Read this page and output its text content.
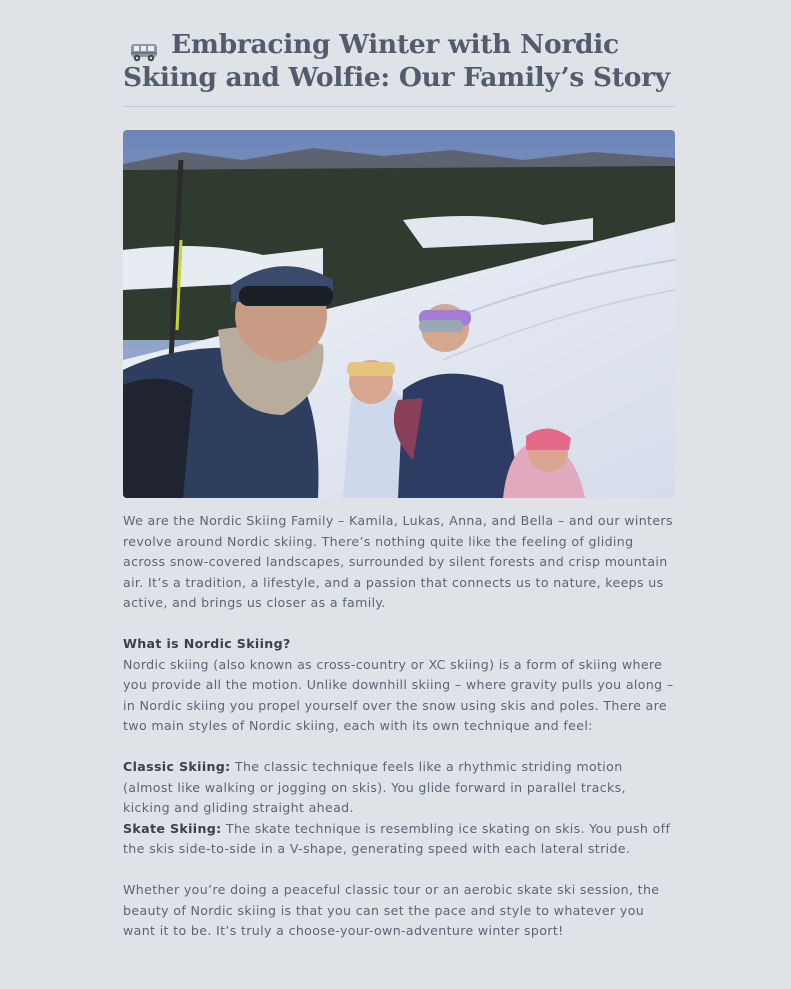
Embracing Winter with Nordic Skiing and Wolfie: Our Family’s Story

We are the Nordic Skiing Family – Kamila, Lukas, Anna, and Bella – and our winters revolve around Nordic skiing. There’s nothing quite like the feeling of gliding across snow-covered landscapes, surrounded by silent forests and crisp mountain air. It’s a tradition, a lifestyle, and a passion that connects us to nature, keeps us active, and brings us closer as a family.

What is Nordic Skiing?

Nordic skiing (also known as cross-country or XC skiing) is a form of skiing where you provide all the motion. Unlike downhill skiing – where gravity pulls you along – in Nordic skiing you propel yourself over the snow using skis and poles. There are two main styles of Nordic skiing, each with its own technique and feel:

Classic Skiing: The classic technique feels like a rhythmic striding motion (almost like walking or jogging on skis). You glide forward in parallel tracks, kicking and gliding straight ahead.

Skate Skiing: The skate technique is resembling ice skating on skis. You push off the skis side-to-side in a V-shape, generating speed with each lateral stride.

Whether you’re doing a peaceful classic tour or an aerobic skate ski session, the beauty of Nordic skiing is that you can set the pace and style to whatever you want it to be. It’s truly a choose-your-own-adventure winter sport!
